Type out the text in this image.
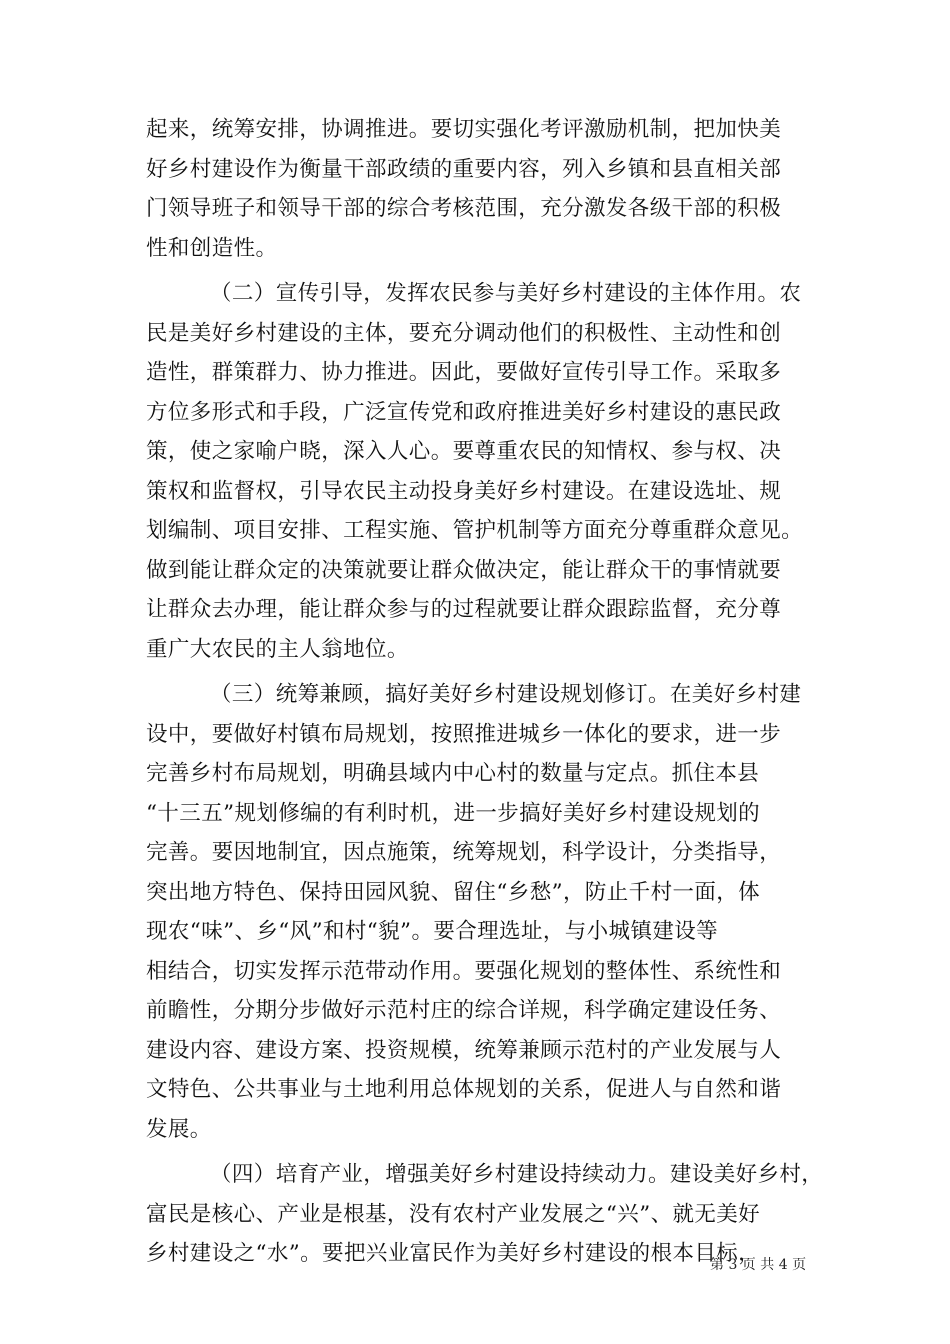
起来，统筹安排，协调推进。要切实强化考评激励机制，把加快美
好乡村建设作为衡量干部政绩的重要内容，列入乡镇和县直相关部
门领导班子和领导干部的综合考核范围，充分激发各级干部的积极
性和创造性。
（二）宣传引导，发挥农民参与美好乡村建设的主体作用。农
民是美好乡村建设的主体，要充分调动他们的积极性、主动性和创
造性，群策群力、协力推进。因此，要做好宣传引导工作。采取多
方位多形式和手段，广泛宣传党和政府推进美好乡村建设的惠民政
策，使之家喻户晓，深入人心。要尊重农民的知情权、参与权、决
策权和监督权，引导农民主动投身美好乡村建设。在建设选址、规
划编制、项目安排、工程实施、管护机制等方面充分尊重群众意见。
做到能让群众定的决策就要让群众做决定，能让群众干的事情就要
让群众去办理，能让群众参与的过程就要让群众跟踪监督，充分尊
重广大农民的主人翁地位。
（三）统筹兼顾，搞好美好乡村建设规划修订。在美好乡村建
设中，要做好村镇布局规划，按照推进城乡一体化的要求，进一步
完善乡村布局规划，明确县域内中心村的数量与定点。抓住本县
“十三五”规划修编的有利时机，进一步搞好美好乡村建设规划的
完善。要因地制宜，因点施策，统筹规划，科学设计，分类指导，
突出地方特色、保持田园风貌、留住“乡愁”，防止千村一面，体
现农“味”、乡“风”和村“貌”。要合理选址，与小城镇建设等
相结合，切实发挥示范带动作用。要强化规划的整体性、系统性和
前瞻性，分期分步做好示范村庄的综合详规，科学确定建设任务、
建设内容、建设方案、投资规模，统筹兼顾示范村的产业发展与人
文特色、公共事业与土地利用总体规划的关系，促进人与自然和谐
发展。
（四）培育产业，增强美好乡村建设持续动力。建设美好乡村，
富民是核心、产业是根基，没有农村产业发展之“兴”、就无美好
乡村建设之“水”。要把兴业富民作为美好乡村建设的根本目标，
第 3 页 共 4 页
